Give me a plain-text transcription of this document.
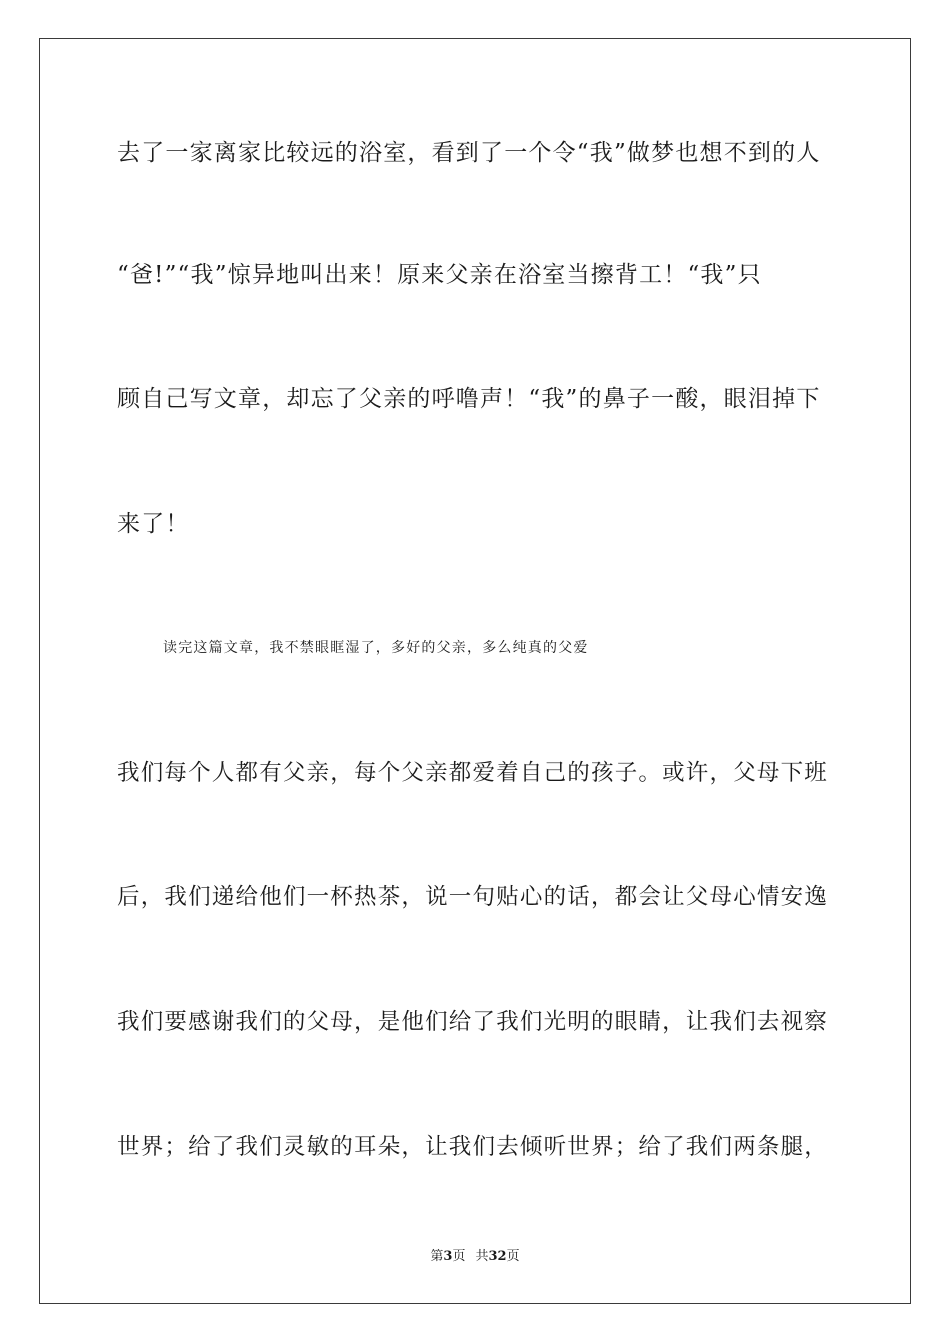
去了一家离家比较远的浴室，看到了一个令“我”做梦也想不到的人
“爸!”“我”惊异地叫出来！原来父亲在浴室当擦背工！“我”只
顾自己写文章，却忘了父亲的呼噜声！“我”的鼻子一酸，眼泪掉下
来了！
读完这篇文章，我不禁眼眶湿了，多好的父亲，多么纯真的父爱
我们每个人都有父亲，每个父亲都爱着自己的孩子。或许，父母下班
后，我们递给他们一杯热茶，说一句贴心的话，都会让父母心情安逸
我们要感谢我们的父母，是他们给了我们光明的眼睛，让我们去视察
世界；给了我们灵敏的耳朵，让我们去倾听世界；给了我们两条腿，
第3页 共32页
